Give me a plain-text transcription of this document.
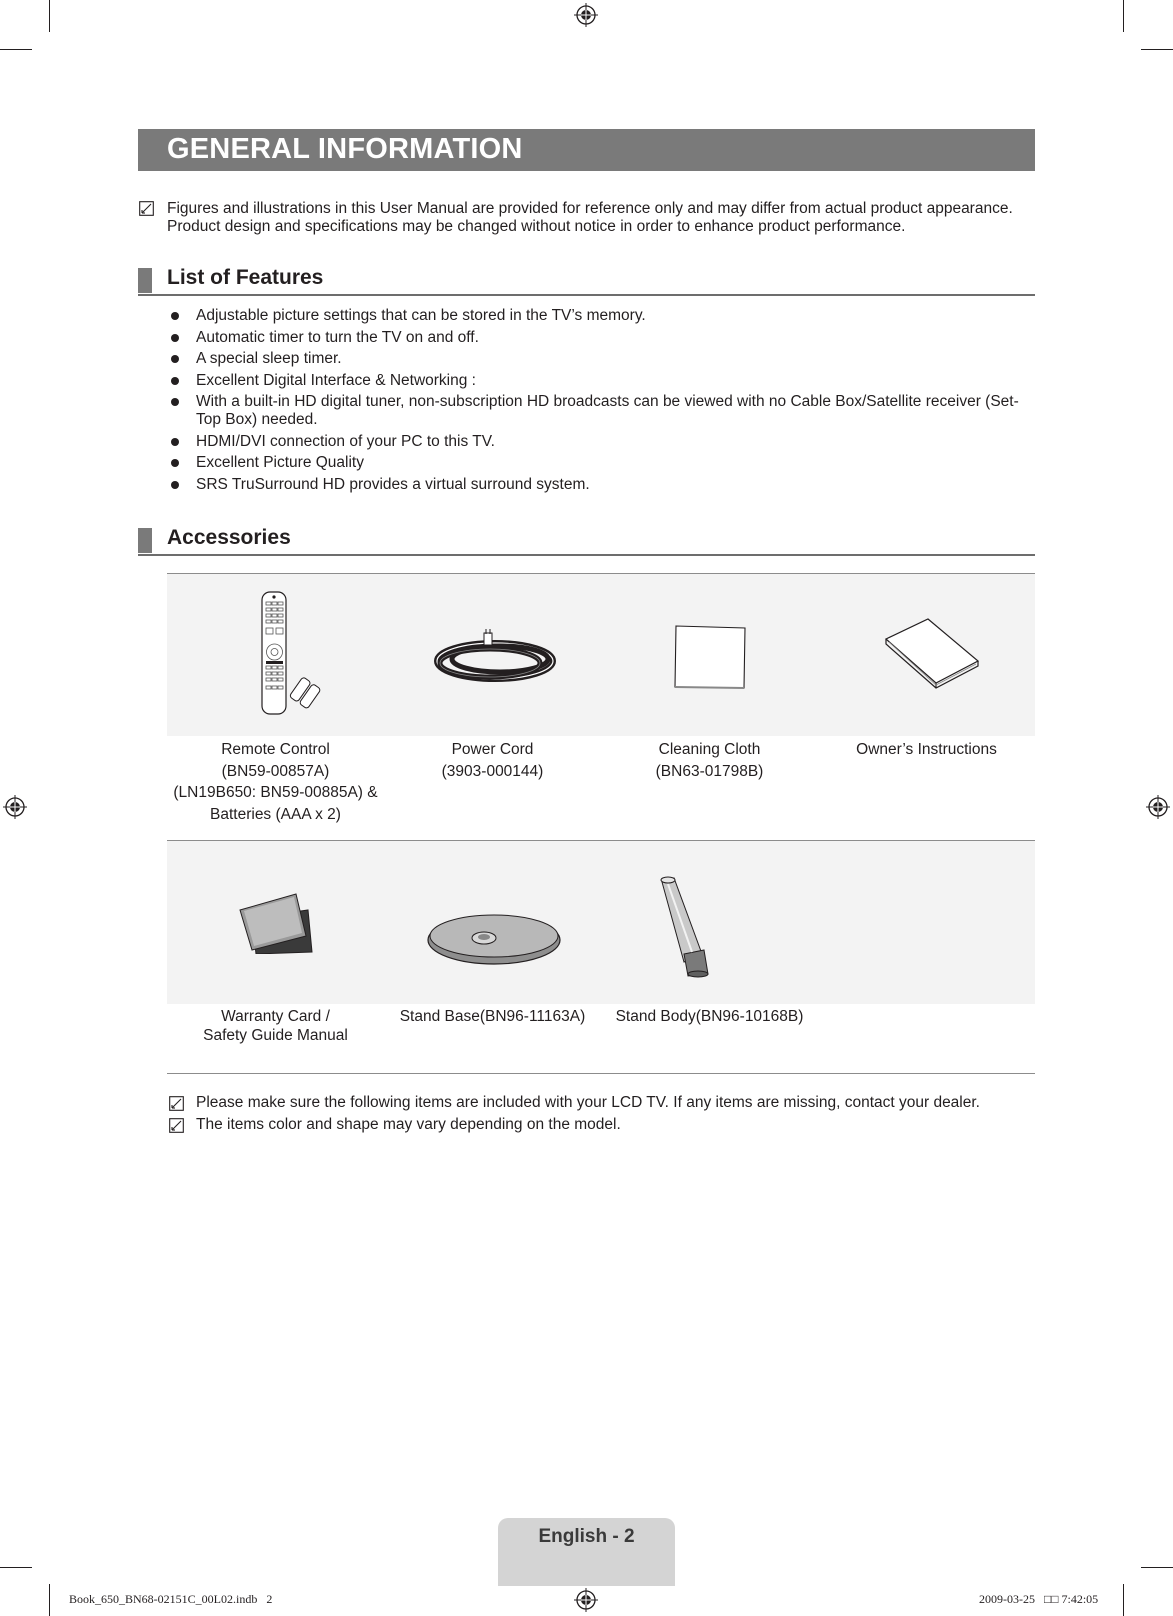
GENERAL INFORMATION
Figures and illustrations in this User Manual are provided for reference only and may differ from actual product appearance.
Product design and specifications may be changed without notice in order to enhance product performance.
List of Features
Adjustable picture settings that can be stored in the TV’s memory.
Automatic timer to turn the TV on and off.
A special sleep timer.
Excellent Digital Interface & Networking :
With a built-in HD digital tuner, non-subscription HD broadcasts can be viewed with no Cable Box/Satellite receiver (Set-Top Box) needed.
HDMI/DVI connection of your PC to this TV.
Excellent Picture Quality
SRS TruSurround HD provides a virtual surround system.
Accessories
Remote Control
(BN59-00857A)
(LN19B650: BN59-00885A) &
Batteries (AAA x 2)
Power Cord
(3903-000144)
Cleaning Cloth
(BN63-01798B)
Owner’s Instructions
Warranty Card /
Safety Guide Manual
Stand Base(BN96-11163A)	Stand Body(BN96-10168B)
Please make sure the following items are included with your LCD TV. If any items are missing, contact your dealer.
The items color and shape may vary depending on the model.
English - 2
Book_650_BN68-02151C_00L02.indb   2	2009-03-25   □□ 7:42:05
